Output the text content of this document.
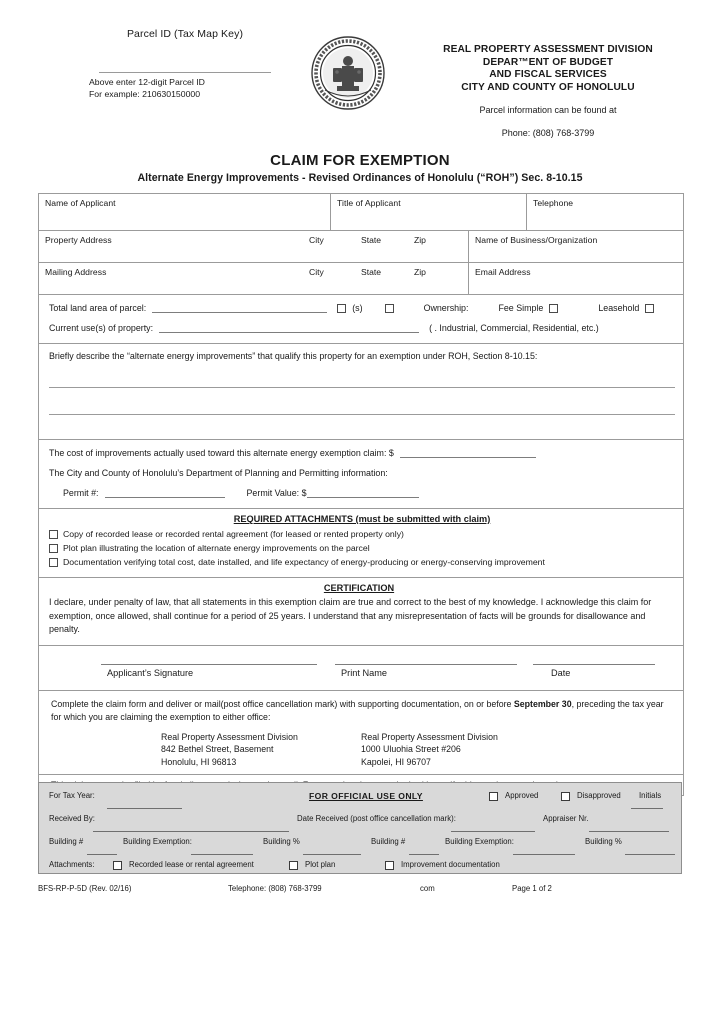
Parcel ID (Tax Map Key)
Above enter 12-digit Parcel ID
For example: 210630150000
REAL PROPERTY ASSESSMENT DIVISION
DEPAR™ENT OF BUDGET
AND FISCAL SERVICES
CITY AND COUNTY OF HONOLULU
Parcel information can be found at
Phone: (808) 768-3799
CLAIM FOR EXEMPTION
Alternate Energy Improvements - Revised Ordinances of Honolulu (“ROH”) Sec. 8-10.15
Name of Applicant	Title of Applicant	Telephone
Property Address	City	State	Zip	Name of Business/Organization
Mailing Address	City	State	Zip	Email Address
Total land area of parcel:	(s)	Ownership:	Fee Simple	Leasehold
Current use(s) of property:	( . Industrial, Commercial, Residential, etc.)
Briefly describe the “alternate energy improvements” that qualify this property for an exemption under ROH, Section 8-10.15:
The cost of improvements actually used toward this alternate energy exemption claim: $
The City and County of Honolulu’s Department of Planning and Permitting information:
Permit #:	Permit Value: $
REQUIRED ATTACHMENTS (must be submitted with claim)
Copy of recorded lease or recorded rental agreement (for leased or rented property only)
Plot plan illustrating the location of alternate energy improvements on the parcel
Documentation verifying total cost, date installed, and life expectancy of energy-producing or energy-conserving improvement
CERTIFICATION
I declare, under penalty of law, that all statements in this exemption claim are true and correct to the best of my knowledge. I acknowledge this claim for exemption, once allowed, shall continue for a period of 25 years. I understand that any misrepresentation of facts will be grounds for disallowance and penalty.
Applicant’s Signature	Print Name	Date
Complete the claim form and deliver or mail(post office cancellation mark) with supporting documentation, on or before September 30, preceding the tax year for which you are claiming the exemption to either office:
Real Property Assessment Division
842 Bethel Street, Basement
Honolulu, HI 96813
Real Property Assessment Division
1000 Uluohia Street #206
Kapolei, HI 96707
For Tax Year:	FOR OFFICIAL USE ONLY	Approved	Disapproved Initials
Received By:	Date Received (post office cancellation mark):	Appraiser Nr.
Building #	Building Exemption:	Building %	Building #	Building Exemption:	Building %
Attachments:	Recorded lease or rental agreement	Plot plan	Improvement documentation
BFS-RP-P-5D (Rev. 02/16)	Telephone: (808) 768-3799	com	Page 1 of 2
